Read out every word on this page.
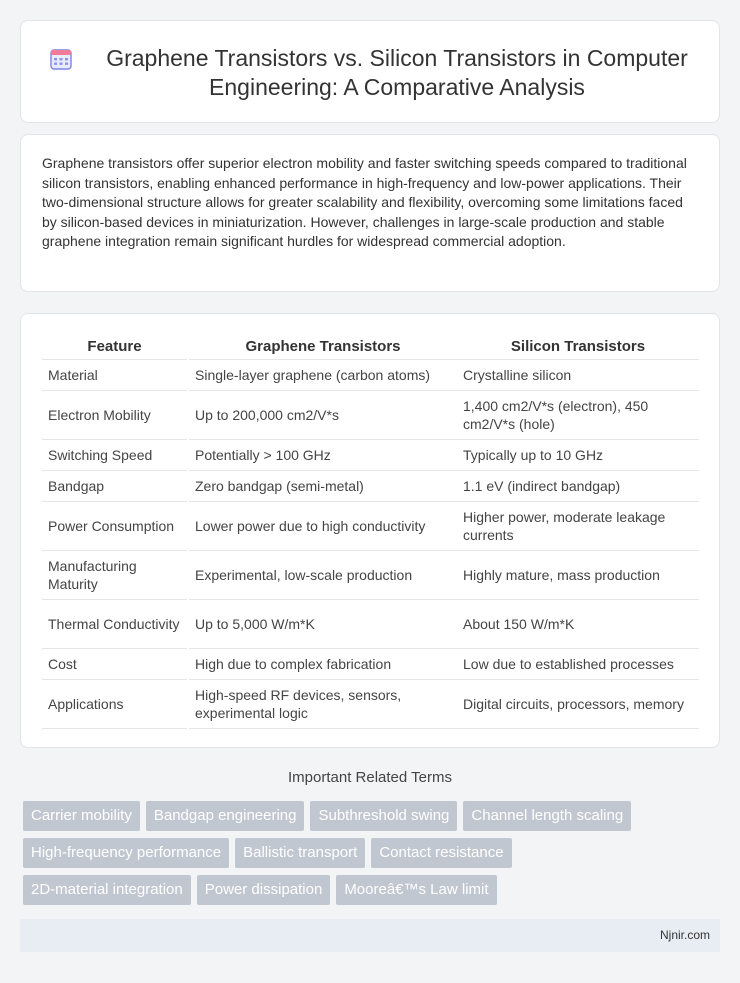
Graphene Transistors vs. Silicon Transistors in Computer Engineering: A Comparative Analysis

Graphene transistors offer superior electron mobility and faster switching speeds compared to traditional silicon transistors, enabling enhanced performance in high-frequency and low-power applications. Their two-dimensional structure allows for greater scalability and flexibility, overcoming some limitations faced by silicon-based devices in miniaturization. However, challenges in large-scale production and stable graphene integration remain significant hurdles for widespread commercial adoption.

Feature	Graphene Transistors	Silicon Transistors
Material	Single-layer graphene (carbon atoms)	Crystalline silicon
Electron Mobility	Up to 200,000 cm2/V*s	1,400 cm2/V*s (electron), 450 cm2/V*s (hole)
Switching Speed	Potentially > 100 GHz	Typically up to 10 GHz
Bandgap	Zero bandgap (semi-metal)	1.1 eV (indirect bandgap)
Power Consumption	Lower power due to high conductivity	Higher power, moderate leakage currents
Manufacturing Maturity	Experimental, low-scale production	Highly mature, mass production
Thermal Conductivity	Up to 5,000 W/m*K	About 150 W/m*K
Cost	High due to complex fabrication	Low due to established processes
Applications	High-speed RF devices, sensors, experimental logic	Digital circuits, processors, memory
Important Related Terms
Carrier mobility	Bandgap engineering	Subthreshold swing	Channel length scaling
High-frequency performance	Ballistic transport	Contact resistance
2D-material integration	Power dissipation	Mooreâ€™s Law limit
Njnir.com
